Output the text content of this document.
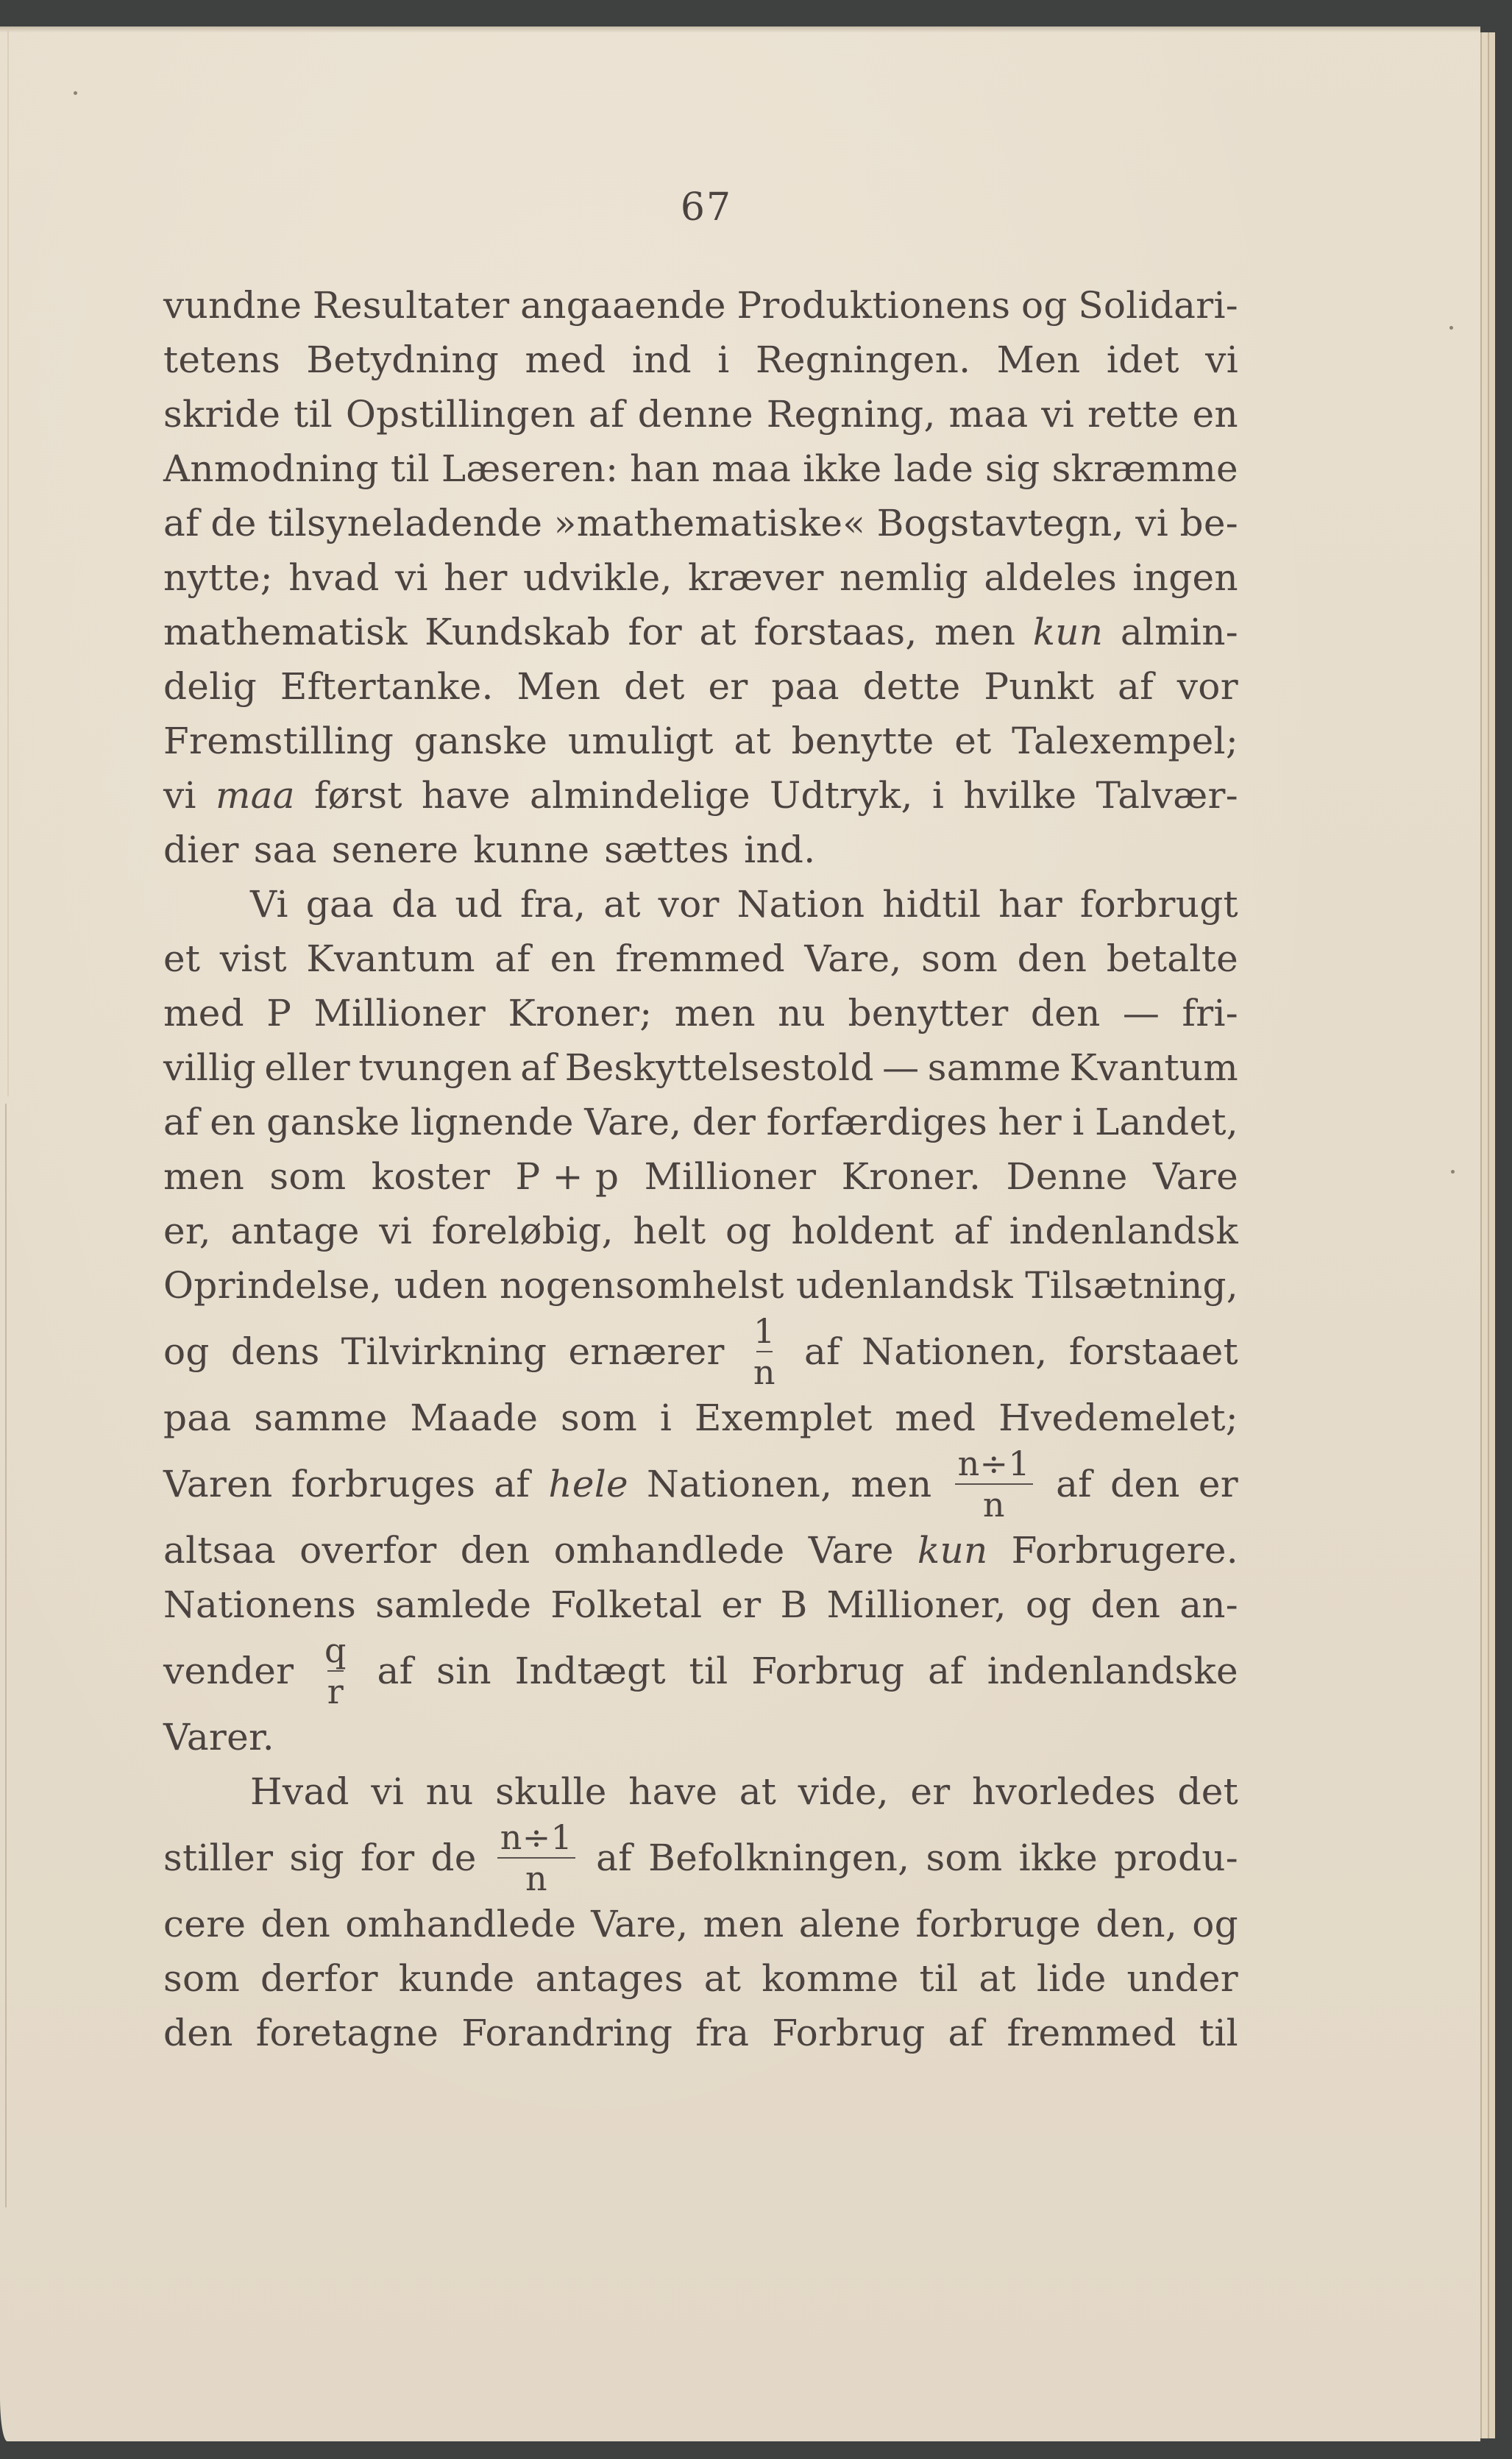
67
vundne Resultater angaaende Produktionens og Solidari-
tetens Betydning med ind i Regningen. Men idet vi
skride til Opstillingen af denne Regning, maa vi rette en
Anmodning til Læseren: han maa ikke lade sig skræmme
af de tilsyneladende »mathematiske« Bogstavtegn, vi be-
nytte; hvad vi her udvikle, kræver nemlig aldeles ingen
mathematisk Kundskab for at forstaas, men kun almin-
delig Eftertanke. Men det er paa dette Punkt af vor
Fremstilling ganske umuligt at benytte et Talexempel;
vi maa først have almindelige Udtryk, i hvilke Talvær-
dier saa senere kunne sættes ind.
Vi gaa da ud fra, at vor Nation hidtil har forbrugt
et vist Kvantum af en fremmed Vare, som den betalte
med P Millioner Kroner; men nu benytter den — fri-
villig eller tvungen af Beskyttelsestold — samme Kvantum
af en ganske lignende Vare, der forfærdiges her i Landet,
men som koster P + p Millioner Kroner. Denne Vare
er, antage vi foreløbig, helt og holdent af indenlandsk
Oprindelse, uden nogensomhelst udenlandsk Tilsætning,
og dens Tilvirkning ernærer $\frac{1}{n}$ af Nationen, forstaaet
paa samme Maade som i Exemplet med Hvedemelet;
Varen forbruges af hele Nationen, men $\frac{n\div 1}{n}$ af den er
altsaa overfor den omhandlede Vare kun Forbrugere.
Nationens samlede Folketal er B Millioner, og den an-
vender $\frac{q}{r}$ af sin Indtægt til Forbrug af indenlandske
Varer.
Hvad vi nu skulle have at vide, er hvorledes det
stiller sig for de $\frac{n\div 1}{n}$ af Befolkningen, som ikke produ-
cere den omhandlede Vare, men alene forbruge den, og
som derfor kunde antages at komme til at lide under
den foretagne Forandring fra Forbrug af fremmed til
